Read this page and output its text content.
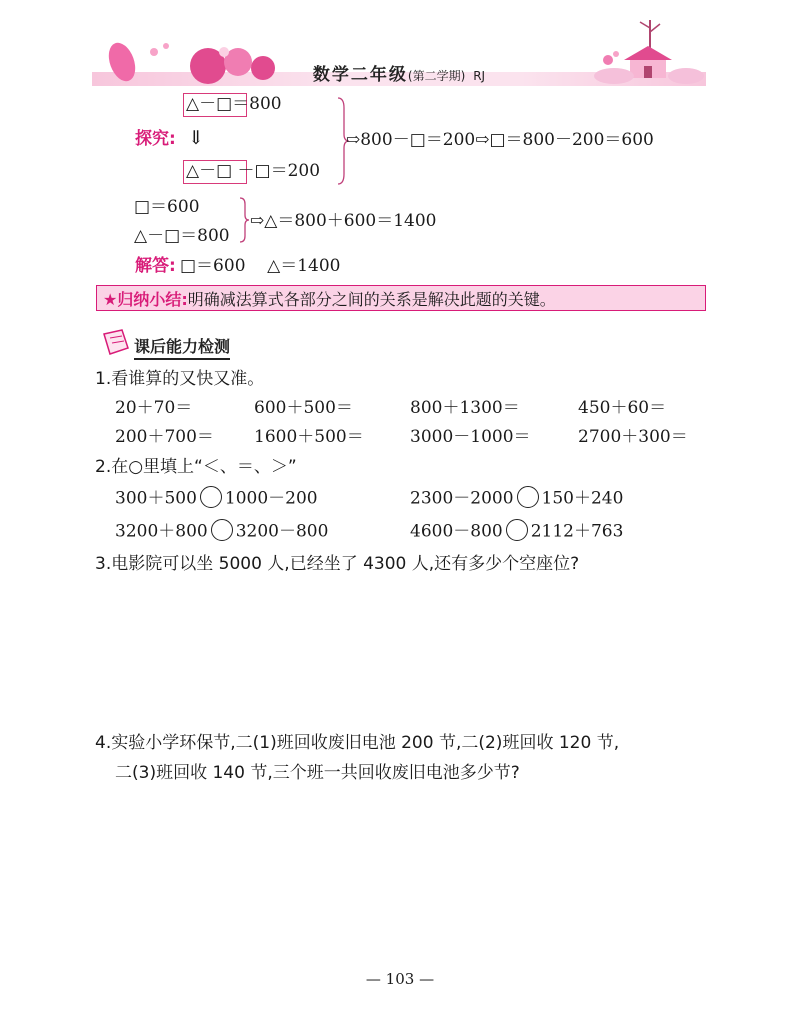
数学二年级(第二学期) RJ
△－□＝800
探究: ⇓
△－□ －□＝200
⇨800－□＝200⇨□＝800－200＝600
□＝600
△－□＝800
⇨△＝800＋600＝1400
解答: □＝600    △＝1400
★归纳小结: 明确减法算式各部分之间的关系是解决此题的关键。
课后能力检测
1.看谁算的又快又准。
20＋70＝	600＋500＝	800＋1300＝	450＋60＝
200＋700＝ 1600＋500＝	3000－1000＝	2700＋300＝
2.在○里填上“＜、＝、＞”
300＋500 1000－200	2300－2000 150＋240
3200＋800 3200－800	4600－800 2112＋763
3.电影院可以坐 5000 人,已经坐了 4300 人,还有多少个空座位?
4.实验小学环保节,二(1)班回收废旧电池 200 节,二(2)班回收 120 节,
二(3)班回收 140 节,三个班一共回收废旧电池多少节?
— 103 —
